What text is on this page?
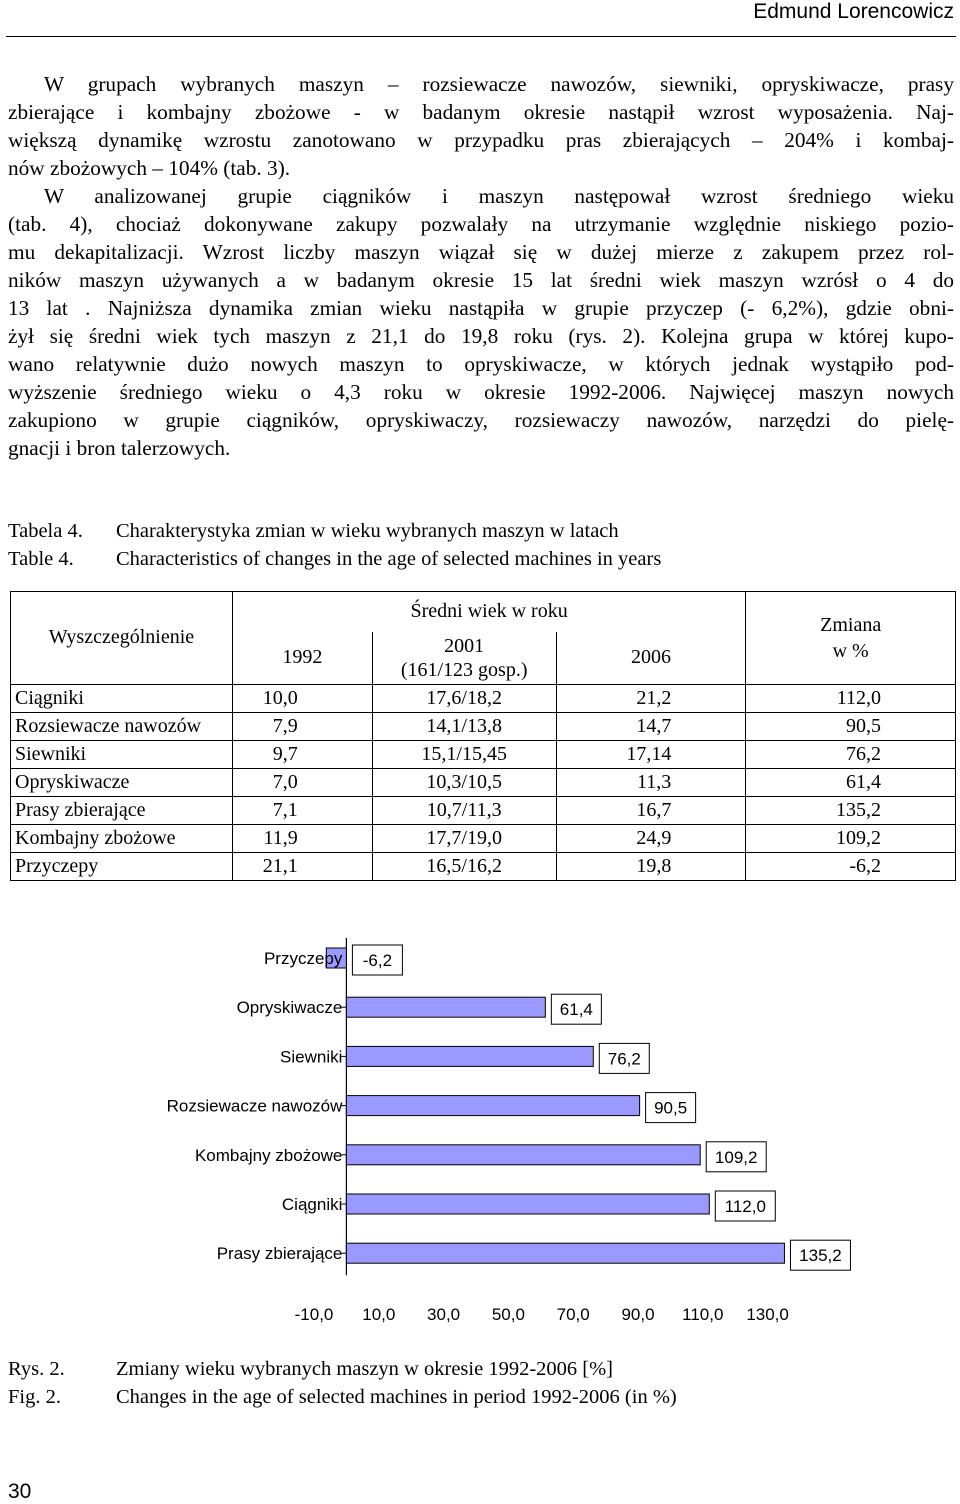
Edmund Lorencowicz
W grupach wybranych maszyn – rozsiewacze nawozów, siewniki, opryskiwacze, prasy
zbierające i kombajny zbożowe - w badanym okresie nastąpił wzrost wyposażenia. Naj-
większą dynamikę wzrostu zanotowano w przypadku pras zbierających – 204% i kombaj-
nów zbożowych – 104% (tab. 3).
W analizowanej grupie ciągników i maszyn następował wzrost średniego wieku
(tab. 4), chociaż dokonywane zakupy pozwalały na utrzymanie względnie niskiego pozio-
mu dekapitalizacji. Wzrost liczby maszyn wiązał się w dużej mierze z zakupem przez rol-
ników maszyn używanych a w badanym okresie 15 lat średni wiek maszyn wzrósł o 4 do
13 lat . Najniższa dynamika zmian wieku nastąpiła w grupie przyczep (- 6,2%), gdzie obni-
żył się średni wiek tych maszyn z 21,1 do 19,8 roku (rys. 2). Kolejna grupa w której kupo-
wano relatywnie dużo nowych maszyn to opryskiwacze, w których jednak wystąpiło pod-
wyższenie średniego wieku o 4,3 roku w okresie 1992-2006. Najwięcej maszyn nowych
zakupiono w grupie ciągników, opryskiwaczy, rozsiewaczy nawozów, narzędzi do pielę-
gnacji i bron talerzowych.
Tabela 4. Charakterystyka zmian w wieku wybranych maszyn w latach
Table 4. Characteristics of changes in the age of selected machines in years
Wyszczególnienie	Średni wiek w roku			Zmiana
w %

	1992	2001
(161/123 gosp.)	2006	
Ciągniki	10,0	17,6/18,2	21,2	112,0
Rozsiewacze nawozów	7,9	14,1/13,8	14,7	90,5
Siewniki	9,7	15,1/15,45	17,14	76,2
Opryskiwacze	7,0	10,3/10,5	11,3	61,4
Prasy zbierające	7,1	10,7/11,3	16,7	135,2
Kombajny zbożowe	11,9	17,7/19,0	24,9	109,2
Przyczepy	21,1	16,5/16,2	19,8	-6,2
Przyczepy -6,2
Opryskiwacze	61,4
Siewniki	76,2
Rozsiewacze nawozów	90,5
Kombajny zbożowe	109,2
Ciągniki	112,0
Prasy zbierające	135,2
-10,0 10,0 30,0 50,0 70,0 90,0 110,0 130,0
Rys. 2.	Zmiany wieku wybranych maszyn w okresie 1992-2006 [%]
Fig. 2.	Changes in the age of selected machines in period 1992-2006 (in %)
30
